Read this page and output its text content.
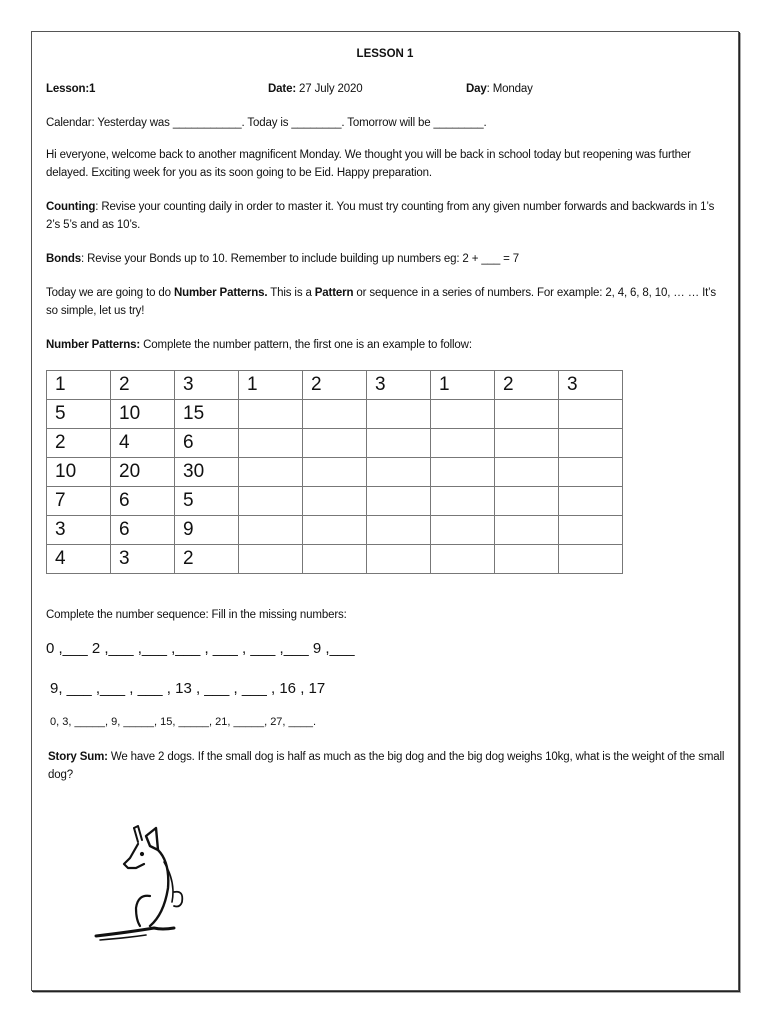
LESSON 1
Lesson:1	Date: 27 July 2020	Day: Monday
Calendar: Yesterday was ___________. Today is ________. Tomorrow will be ________.
Hi everyone, welcome back to another magnificent Monday. We thought you will be back in school today but reopening was further delayed. Exciting week for you as its soon going to be Eid. Happy preparation.
Counting: Revise your counting daily in order to master it. You must try counting from any given number forwards and backwards in 1’s 2’s 5’s and as 10’s.
Bonds: Revise your Bonds up to 10. Remember to include building up numbers eg: 2 + ___ = 7
Today we are going to do Number Patterns. This is a Pattern or sequence in a series of numbers. For example: 2, 4, 6, 8, 10, … … It’s so simple, let us try!
Number Patterns: Complete the number pattern, the first one is an example to follow:
1	2	3	1	2	3	1	2	3
5	10	15						
2	4	6						
10	20	30						
7	6	5						
3	6	9						
4	3	2						
Complete the number sequence: Fill in the missing numbers:
0 ,___ 2 ,___ ,___ ,___ , ___ , ___ ,___ 9 ,___
9, ___ ,___ , ___ , 13 , ___ , ___ , 16 , 17
0, 3, _____, 9, _____, 15, _____, 21, _____, 27, ____.
Story Sum: We have 2 dogs. If the small dog is half as much as the big dog and the big dog weighs 10kg, what is the weight of the small dog?
